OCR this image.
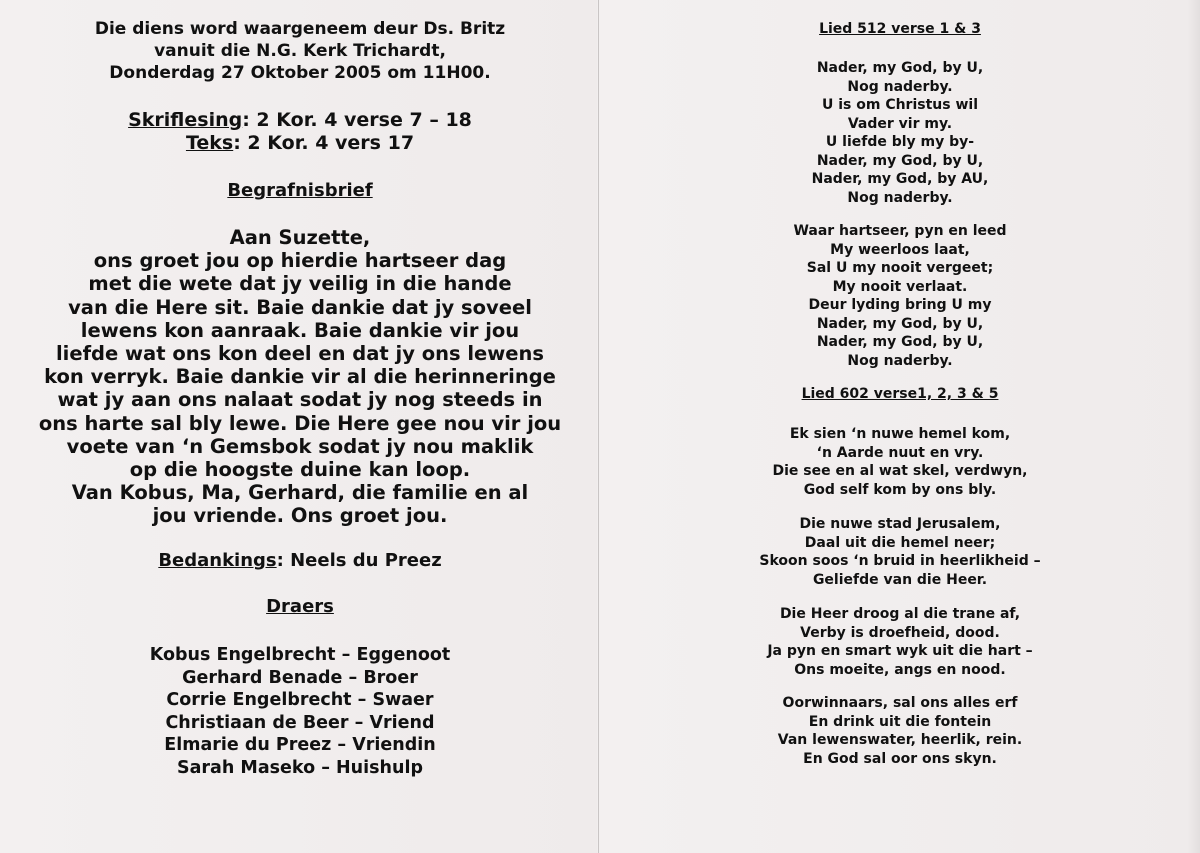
Die diens word waargeneem deur Ds. Britz
vanuit die N.G. Kerk Trichardt,
Donderdag 27 Oktober 2005 om 11H00.
Skriflesing: 2 Kor. 4 verse 7 – 18
Teks: 2 Kor. 4 vers 17
Begrafnisbrief
Aan Suzette,
ons groet jou op hierdie hartseer dag
met die wete dat jy veilig in die hande
van die Here sit. Baie dankie dat jy soveel
lewens kon aanraak. Baie dankie vir jou
liefde wat ons kon deel en dat jy ons lewens
kon verryk. Baie dankie vir al die herinneringe
wat jy aan ons nalaat sodat jy nog steeds in
ons harte sal bly lewe. Die Here gee nou vir jou
voete van ‘n Gemsbok sodat jy nou maklik
op die hoogste duine kan loop.
Van Kobus, Ma, Gerhard, die familie en al
jou vriende. Ons groet jou.
Bedankings: Neels du Preez
Draers
Kobus Engelbrecht – Eggenoot
Gerhard Benade – Broer
Corrie Engelbrecht – Swaer
Christiaan de Beer – Vriend
Elmarie du Preez – Vriendin
Sarah Maseko – Huishulp
Lied 512 verse 1 & 3
Nader, my God, by U,
Nog naderby.
U is om Christus wil
Vader vir my.
U liefde bly my by-
Nader, my God, by U,
Nader, my God, by AU,
Nog naderby.
Waar hartseer, pyn en leed
My weerloos laat,
Sal U my nooit vergeet;
My nooit verlaat.
Deur lyding bring U my
Nader, my God, by U,
Nader, my God, by U,
Nog naderby.
Lied 602 verse1, 2, 3 & 5
Ek sien ‘n nuwe hemel kom,
‘n Aarde nuut en vry.
Die see en al wat skel, verdwyn,
God self kom by ons bly.
Die nuwe stad Jerusalem,
Daal uit die hemel neer;
Skoon soos ‘n bruid in heerlikheid –
Geliefde van die Heer.
Die Heer droog al die trane af,
Verby is droefheid, dood.
Ja pyn en smart wyk uit die hart –
Ons moeite, angs en nood.
Oorwinnaars, sal ons alles erf
En drink uit die fontein
Van lewenswater, heerlik, rein.
En God sal oor ons skyn.
